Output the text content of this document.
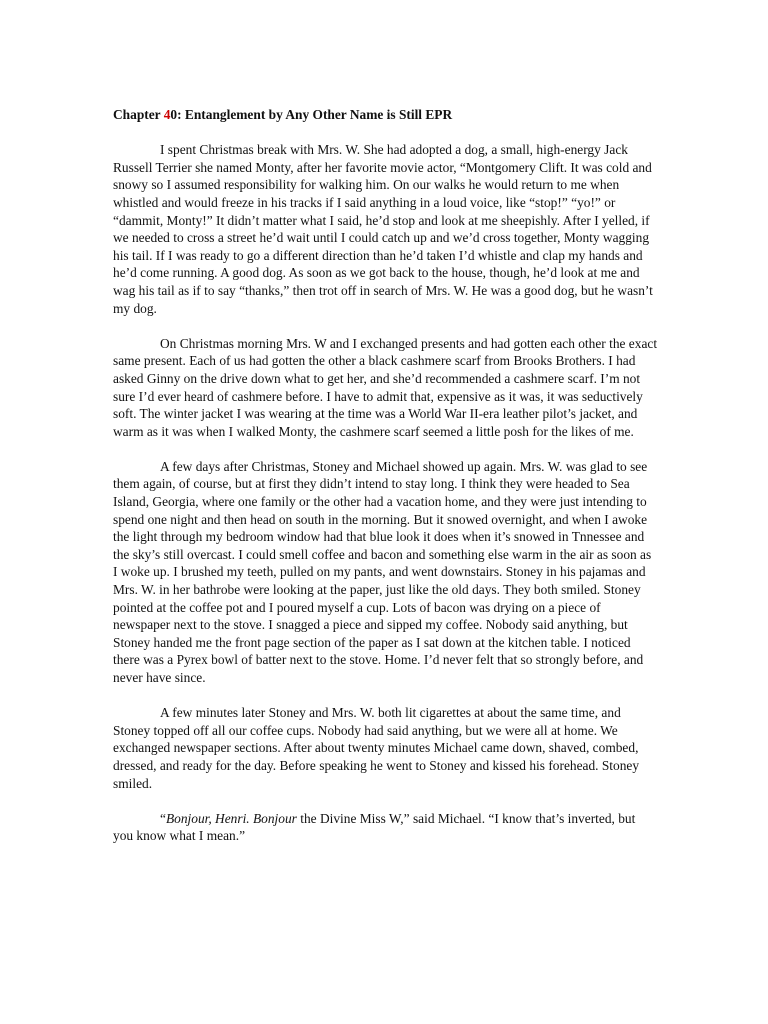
Chapter 40: Entanglement by Any Other Name is Still EPR

I spent Christmas break with Mrs. W. She had adopted a dog, a small, high-energy Jack Russell Terrier she named Monty, after her favorite movie actor, “Montgomery Clift. It was cold and snowy so I assumed responsibility for walking him. On our walks he would return to me when whistled and would freeze in his tracks if I said anything in a loud voice, like “stop!” “yo!” or “dammit, Monty!” It didn’t matter what I said, he’d stop and look at me sheepishly. After I yelled, if we needed to cross a street he’d wait until I could catch up and we’d cross together, Monty wagging his tail. If I was ready to go a different direction than he’d taken I’d whistle and clap my hands and he’d come running. A good dog. As soon as we got back to the house, though, he’d look at me and wag his tail as if to say “thanks,” then trot off in search of Mrs. W. He was a good dog, but he wasn’t my dog.

On Christmas morning Mrs. W and I exchanged presents and had gotten each other the exact same present. Each of us had gotten the other a black cashmere scarf from Brooks Brothers. I had asked Ginny on the drive down what to get her, and she’d recommended a cashmere scarf. I’m not sure I’d ever heard of cashmere before. I have to admit that, expensive as it was, it was seductively soft. The winter jacket I was wearing at the time was a World War II-era leather pilot’s jacket, and warm as it was when I walked Monty, the cashmere scarf seemed a little posh for the likes of me.

A few days after Christmas, Stoney and Michael showed up again. Mrs. W. was glad to see them again, of course, but at first they didn’t intend to stay long. I think they were headed to Sea Island, Georgia, where one family or the other had a vacation home, and they were just intending to spend one night and then head on south in the morning. But it snowed overnight, and when I awoke the light through my bedroom window had that blue look it does when it’s snowed in Tnnessee and the sky’s still overcast. I could smell coffee and bacon and something else warm in the air as soon as I woke up. I brushed my teeth, pulled on my pants, and went downstairs. Stoney in his pajamas and Mrs. W. in her bathrobe were looking at the paper, just like the old days. They both smiled. Stoney pointed at the coffee pot and I poured myself a cup. Lots of bacon was drying on a piece of newspaper next to the stove. I snagged a piece and sipped my coffee. Nobody said anything, but Stoney handed me the front page section of the paper as I sat down at the kitchen table. I noticed there was a Pyrex bowl of batter next to the stove. Home. I’d never felt that so strongly before, and never have since.

A few minutes later Stoney and Mrs. W. both lit cigarettes at about the same time, and Stoney topped off all our coffee cups. Nobody had said anything, but we were all at home. We exchanged newspaper sections. After about twenty minutes Michael came down, shaved, combed, dressed, and ready for the day. Before speaking he went to Stoney and kissed his forehead. Stoney smiled.

“Bonjour, Henri. Bonjour the Divine Miss W,” said Michael. “I know that’s inverted, but you know what I mean.”
